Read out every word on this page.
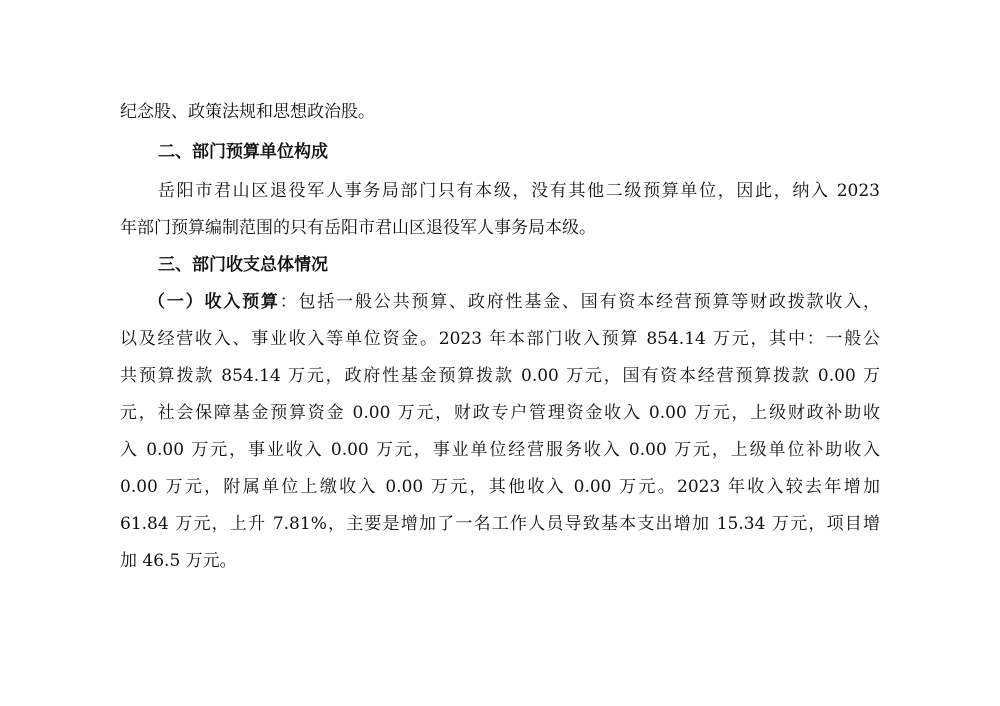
纪念股、政策法规和思想政治股。
二、部门预算单位构成
岳阳市君山区退役军人事务局部门只有本级，没有其他二级预算单位，因此，纳入 2023
年部门预算编制范围的只有岳阳市君山区退役军人事务局本级。
三、部门收支总体情况
（一）收入预算：包括一般公共预算、政府性基金、国有资本经营预算等财政拨款收入，
以及经营收入、事业收入等单位资金。2023 年本部门收入预算 854.14 万元，其中：一般公
共预算拨款 854.14 万元，政府性基金预算拨款 0.00 万元，国有资本经营预算拨款 0.00 万
元，社会保障基金预算资金 0.00 万元，财政专户管理资金收入 0.00 万元，上级财政补助收
入 0.00 万元，事业收入 0.00 万元，事业单位经营服务收入 0.00 万元，上级单位补助收入
0.00 万元，附属单位上缴收入 0.00 万元，其他收入 0.00 万元。2023 年收入较去年增加
61.84 万元，上升 7.81%，主要是增加了一名工作人员导致基本支出增加 15.34 万元，项目增
加 46.5 万元。
